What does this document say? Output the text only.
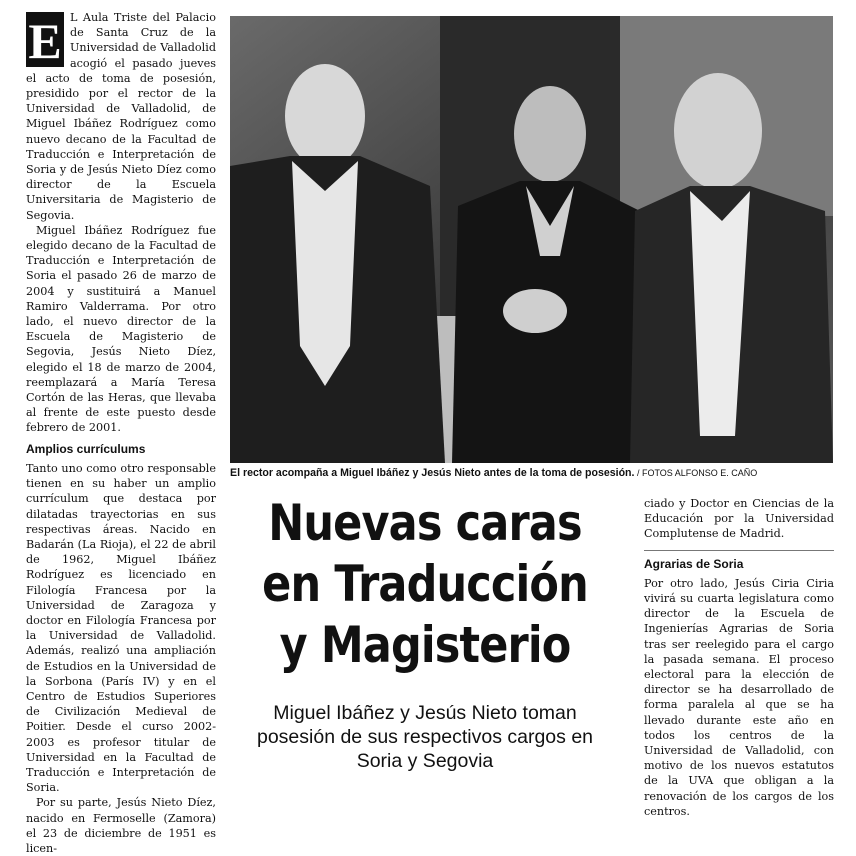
E L Aula Triste del Palacio de Santa Cruz de la Universidad de Valladolid acogió el pasado jueves el acto de toma de posesión, presidido por el rector de la Universidad de Valladolid, de Miguel Ibáñez Rodríguez como nuevo decano de la Facultad de Traducción e Interpretación de Soria y de Jesús Nieto Díez como director de la Escuela Universitaria de Magisterio de Segovia.

Miguel Ibáñez Rodríguez fue elegido decano de la Facultad de Traducción e Interpretación de Soria el pasado 26 de marzo de 2004 y sustituirá a Manuel Ramiro Valderrama. Por otro lado, el nuevo director de la Escuela de Magisterio de Segovia, Jesús Nieto Díez, elegido el 18 de marzo de 2004, reemplazará a María Teresa Cortón de las Heras, que llevaba al frente de este puesto desde febrero de 2001.

Amplios currículums

Tanto uno como otro responsable tienen en su haber un amplio currículum que destaca por dilatadas trayectorias en sus respectivas áreas. Nacido en Badarán (La Rioja), el 22 de abril de 1962, Miguel Ibáñez Rodríguez es licenciado en Filología Francesa por la Universidad de Zaragoza y doctor en Filología Francesa por la Universidad de Valladolid. Además, realizó una ampliación de Estudios en la Universidad de la Sorbona (París IV) y en el Centro de Estudios Superiores de Civilización Medieval de Poitier. Desde el curso 2002-2003 es profesor titular de Universidad en la Facultad de Traducción e Interpretación de Soria.

Por su parte, Jesús Nieto Díez, nacido en Fermoselle (Zamora) el 23 de diciembre de 1951 es licen-

El rector acompaña a Miguel Ibáñez y Jesús Nieto antes de la toma de posesión. / FOTOS ALFONSO E. CAÑO
Nuevas caras en Traducción y Magisterio
Miguel Ibáñez y Jesús Nieto toman posesión de sus respectivos cargos en Soria y Segovia

ciado y Doctor en Ciencias de la Educación por la Universidad Complutense de Madrid.

Agrarias de Soria

Por otro lado, Jesús Ciria Ciria vivirá su cuarta legislatura como director de la Escuela de Ingenierías Agrarias de Soria tras ser reelegido para el cargo la pasada semana. El proceso electoral para la elección de director se ha desarrollado de forma paralela al que se ha llevado durante este año en todos los centros de la Universidad de Valladolid, con motivo de los nuevos estatutos de la UVA que obligan a la renovación de los cargos de los centros.
